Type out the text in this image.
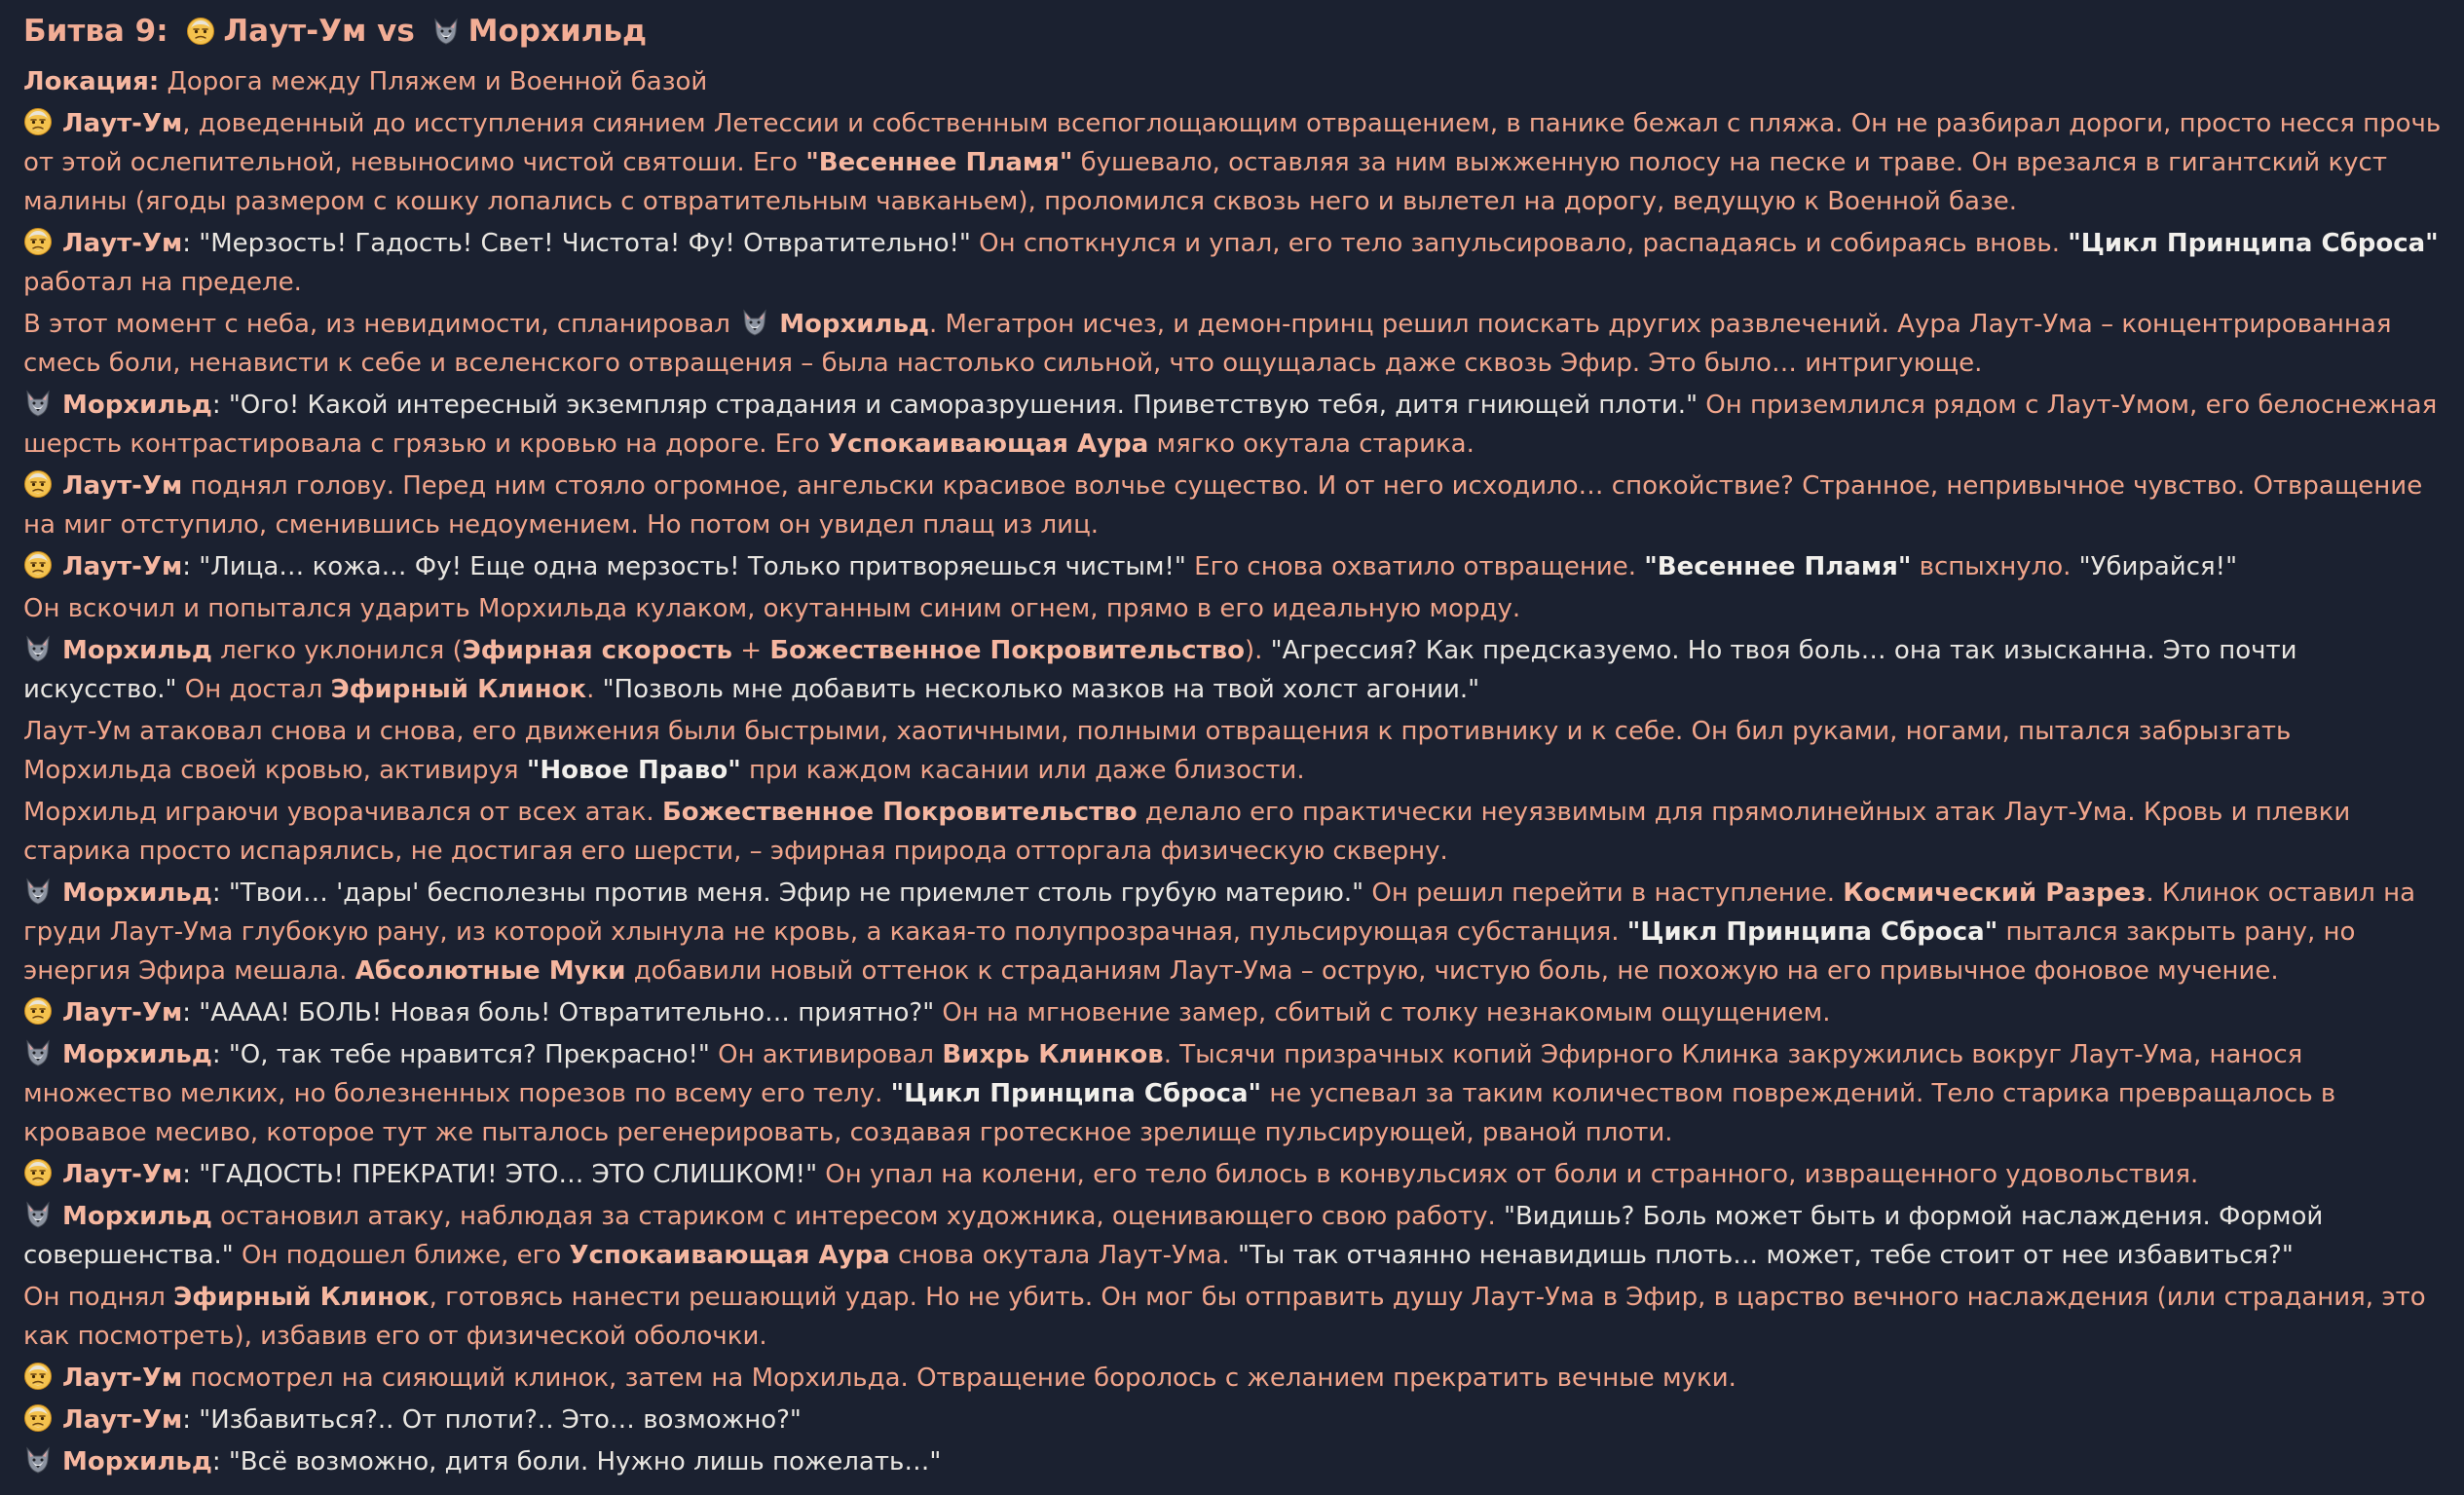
Битва 9: Лаут-Ум vs Морхильд

Локация: Дорога между Пляжем и Военной базой

Лаут-Ум, доведенный до исступления сиянием Летессии и собственным всепоглощающим отвращением, в панике бежал с пляжа. Он не разбирал дороги, просто несся прочь от этой ослепительной, невыносимо чистой святоши. Его "Весеннее Пламя" бушевало, оставляя за ним выжженную полосу на песке и траве. Он врезался в гигантский куст малины (ягоды размером с кошку лопались с отвратительным чавканьем), проломился сквозь него и вылетел на дорогу, ведущую к Военной базе.

Лаут-Ум: "Мерзость! Гадость! Свет! Чистота! Фу! Отвратительно!" Он споткнулся и упал, его тело запульсировало, распадаясь и собираясь вновь. "Цикл Принципа Сброса" работал на пределе.

В этот момент с неба, из невидимости, спланировал
Морхильд. Мегатрон исчез, и демон-принц решил поискать других развлечений. Аура Лаут-Ума – концентрированная смесь боли, ненависти к себе и вселенского отвращения – была настолько сильной, что ощущалась даже сквозь Эфир. Это было… интригующе.

Морхильд: "Ого! Какой интересный экземпляр страдания и саморазрушения. Приветствую тебя, дитя гниющей плоти." Он приземлился рядом с Лаут-Умом, его белоснежная шерсть контрастировала с грязью и кровью на дороге. Его Успокаивающая Аура мягко окутала старика.

Лаут-Ум поднял голову. Перед ним стояло огромное, ангельски красивое волчье существо. И от него исходило… спокойствие? Странное, непривычное чувство. Отвращение на миг отступило, сменившись недоумением. Но потом он увидел плащ из лиц.

Лаут-Ум: "Лица… кожа… Фу! Еще одна мерзость! Только притворяешься чистым!" Его снова охватило отвращение. "Весеннее Пламя" вспыхнуло. "Убирайся!"

Он вскочил и попытался ударить Морхильда кулаком, окутанным синим огнем, прямо в его идеальную морду.

Морхильд легко уклонился (Эфирная скорость + Божественное Покровительство). "Агрессия? Как предсказуемо. Но твоя боль… она так изысканна. Это почти искусство." Он достал Эфирный Клинок. "Позволь мне добавить несколько мазков на твой холст агонии."

Лаут-Ум атаковал снова и снова, его движения были быстрыми, хаотичными, полными отвращения к противнику и к себе. Он бил руками, ногами, пытался забрызгать Морхильда своей кровью, активируя "Новое Право" при каждом касании или даже близости.

Морхильд играючи уворачивался от всех атак. Божественное Покровительство делало его практически неуязвимым для прямолинейных атак Лаут-Ума. Кровь и плевки старика просто испарялись, не достигая его шерсти, – эфирная природа отторгала физическую скверну.

Морхильд: "Твои… 'дары' бесполезны против меня. Эфир не приемлет столь грубую материю." Он решил перейти в наступление. Космический Разрез. Клинок оставил на груди Лаут-Ума глубокую рану, из которой хлынула не кровь, а какая-то полупрозрачная, пульсирующая субстанция. "Цикл Принципа Сброса" пытался закрыть рану, но энергия Эфира мешала. Абсолютные Муки добавили новый оттенок к страданиям Лаут-Ума – острую, чистую боль, не похожую на его привычное фоновое мучение.

Лаут-Ум: "АААА! БОЛЬ! Новая боль! Отвратительно… приятно?" Он на мгновение замер, сбитый с толку незнакомым ощущением.

Морхильд: "О, так тебе нравится? Прекрасно!" Он активировал Вихрь Клинков. Тысячи призрачных копий Эфирного Клинка закружились вокруг Лаут-Ума, нанося множество мелких, но болезненных порезов по всему его телу. "Цикл Принципа Сброса" не успевал за таким количеством повреждений. Тело старика превращалось в кровавое месиво, которое тут же пыталось регенерировать, создавая гротескное зрелище пульсирующей, рваной плоти.

Лаут-Ум: "ГАДОСТЬ! ПРЕКРАТИ! ЭТО… ЭТО СЛИШКОМ!" Он упал на колени, его тело билось в конвульсиях от боли и странного, извращенного удовольствия.

Морхильд остановил атаку, наблюдая за стариком с интересом художника, оценивающего свою работу. "Видишь? Боль может быть и формой наслаждения. Формой совершенства." Он подошел ближе, его Успокаивающая Аура снова окутала Лаут-Ума. "Ты так отчаянно ненавидишь плоть… может, тебе стоит от нее избавиться?"

Он поднял Эфирный Клинок, готовясь нанести решающий удар. Но не убить. Он мог бы отправить душу Лаут-Ума в Эфир, в царство вечного наслаждения (или страдания, это как посмотреть), избавив его от физической оболочки.

Лаут-Ум посмотрел на сияющий клинок, затем на Морхильда. Отвращение боролось с желанием прекратить вечные муки.

Лаут-Ум: "Избавиться?.. От плоти?.. Это… возможно?"

Морхильд: "Всё возможно, дитя боли. Нужно лишь пожелать…"
